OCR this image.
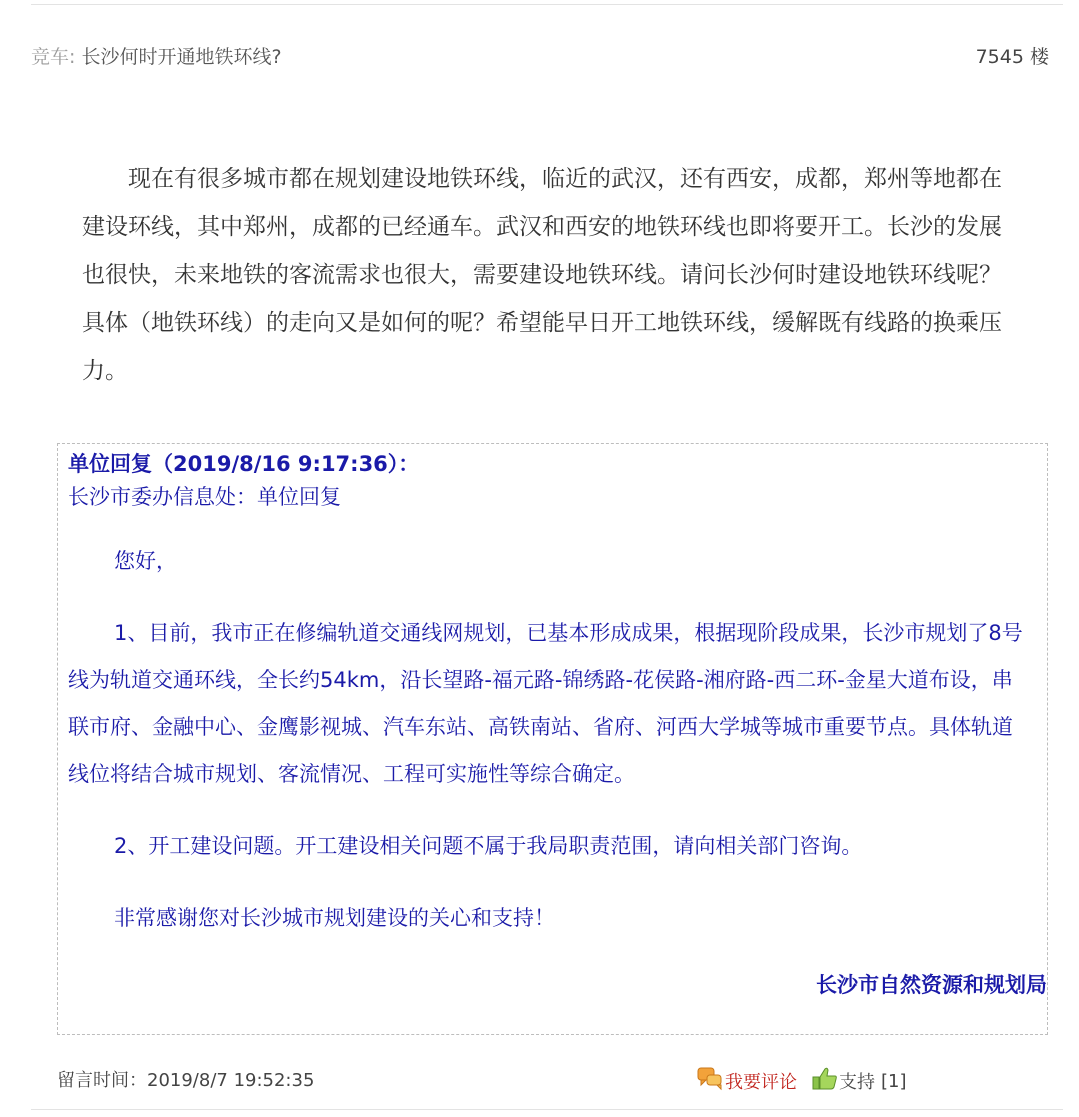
竞车: 长沙何时开通地铁环线?	7545 楼

现在有很多城市都在规划建设地铁环线，临近的武汉，还有西安，成都，郑州等地都在建设环线，其中郑州，成都的已经通车。武汉和西安的地铁环线也即将要开工。长沙的发展也很快，未来地铁的客流需求也很大，需要建设地铁环线。请问长沙何时建设地铁环线呢？具体（地铁环线）的走向又是如何的呢？希望能早日开工地铁环线，缓解既有线路的换乘压力。

单位回复（2019/8/16 9:17:36）：
长沙市委办信息处：单位回复

您好，

1、目前，我市正在修编轨道交通线网规划，已基本形成成果，根据现阶段成果，长沙市规划了8号线为轨道交通环线，全长约54km，沿长望路-福元路-锦绣路-花侯路-湘府路-西二环-金星大道布设，串联市府、金融中心、金鹰影视城、汽车东站、高铁南站、省府、河西大学城等城市重要节点。具体轨道线位将结合城市规划、客流情况、工程可实施性等综合确定。

2、开工建设问题。开工建设相关问题不属于我局职责范围，请向相关部门咨询。

非常感谢您对长沙城市规划建设的关心和支持！

长沙市自然资源和规划局
留言时间：2019/8/7 19:52:35	我要评论 支持 [1]
